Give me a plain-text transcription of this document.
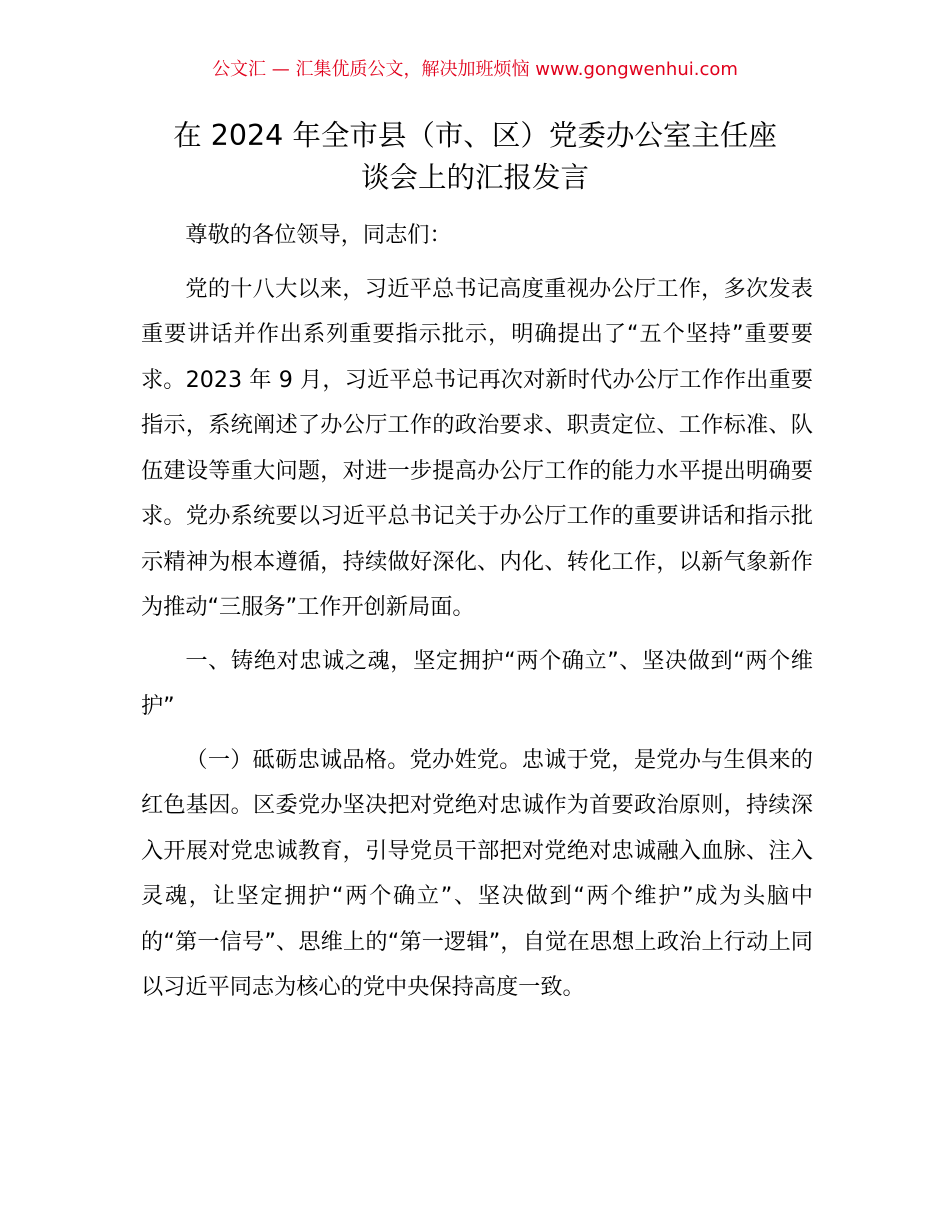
公文汇 — 汇集优质公文，解决加班烦恼 www.gongwenhui.com
在 2024 年全市县（市、区）党委办公室主任座
谈会上的汇报发言

尊敬的各位领导，同志们：

党的十八大以来，习近平总书记高度重视办公厅工作，多次发表重要讲话并作出系列重要指示批示，明确提出了“五个坚持”重要要求。2023 年 9 月，习近平总书记再次对新时代办公厅工作作出重要指示，系统阐述了办公厅工作的政治要求、职责定位、工作标准、队伍建设等重大问题，对进一步提高办公厅工作的能力水平提出明确要求。党办系统要以习近平总书记关于办公厅工作的重要讲话和指示批示精神为根本遵循，持续做好深化、内化、转化工作，以新气象新作为推动“三服务”工作开创新局面。

一、铸绝对忠诚之魂，坚定拥护“两个确立”、坚决做到“两个维护”

（一）砥砺忠诚品格。党办姓党。忠诚于党，是党办与生俱来的红色基因。区委党办坚决把对党绝对忠诚作为首要政治原则，持续深入开展对党忠诚教育，引导党员干部把对党绝对忠诚融入血脉、注入灵魂，让坚定拥护“两个确立”、坚决做到“两个维护”成为头脑中的“第一信号”、思维上的“第一逻辑”，自觉在思想上政治上行动上同以习近平同志为核心的党中央保持高度一致。
